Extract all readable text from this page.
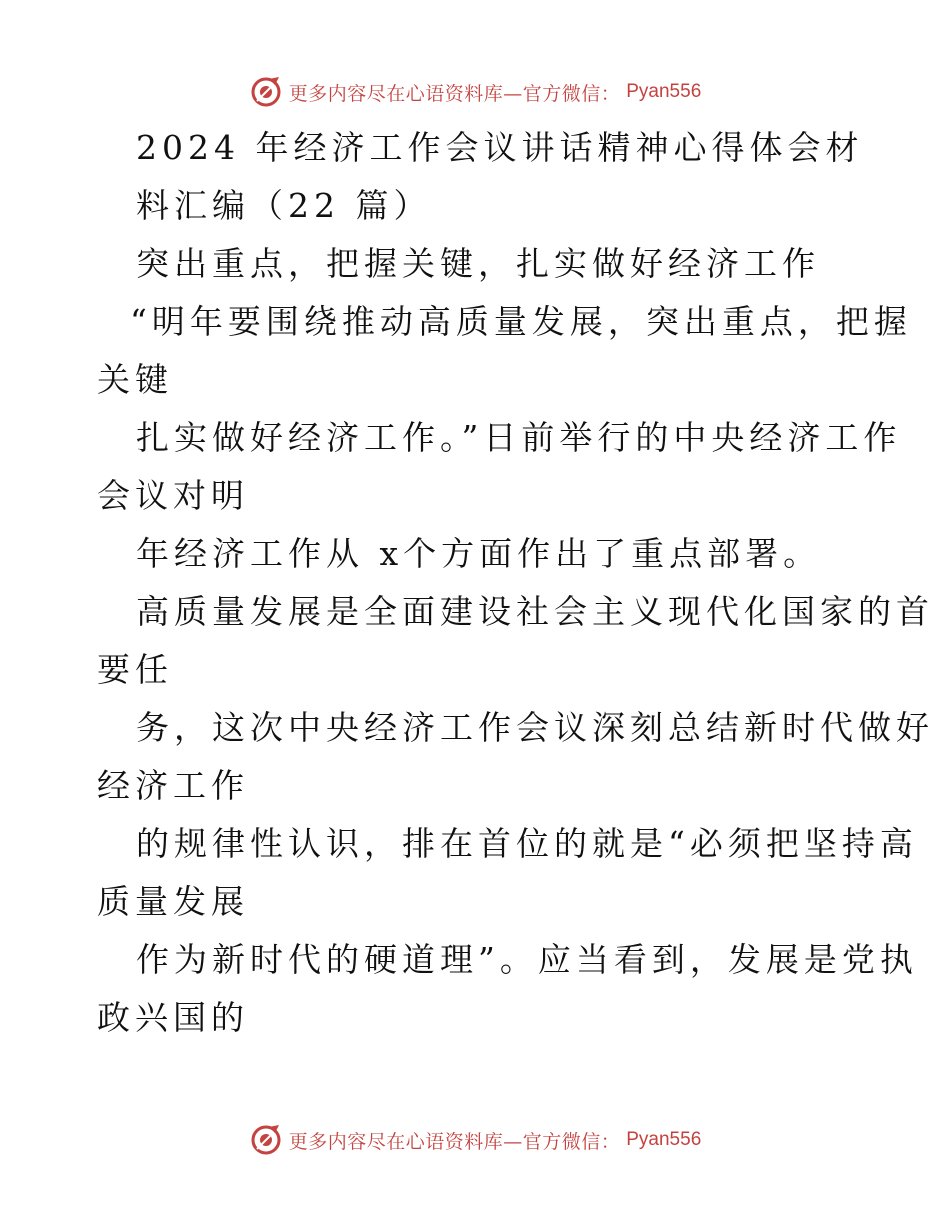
更多内容尽在心语资料库—官方微信： Pyan556
2024 年经济工作会议讲话精神心得体会材
料汇编（22 篇）
突出重点，把握关键，扎实做好经济工作
“明年要围绕推动高质量发展，突出重点，把握
关键
扎实做好经济工作。”日前举行的中央经济工作
会议对明
年经济工作从 x个方面作出了重点部署。
高质量发展是全面建设社会主义现代化国家的首
要任
务，这次中央经济工作会议深刻总结新时代做好
经济工作
的规律性认识，排在首位的就是“必须把坚持高
质量发展
作为新时代的硬道理”。应当看到，发展是党执
政兴国的
更多内容尽在心语资料库—官方微信： Pyan556
